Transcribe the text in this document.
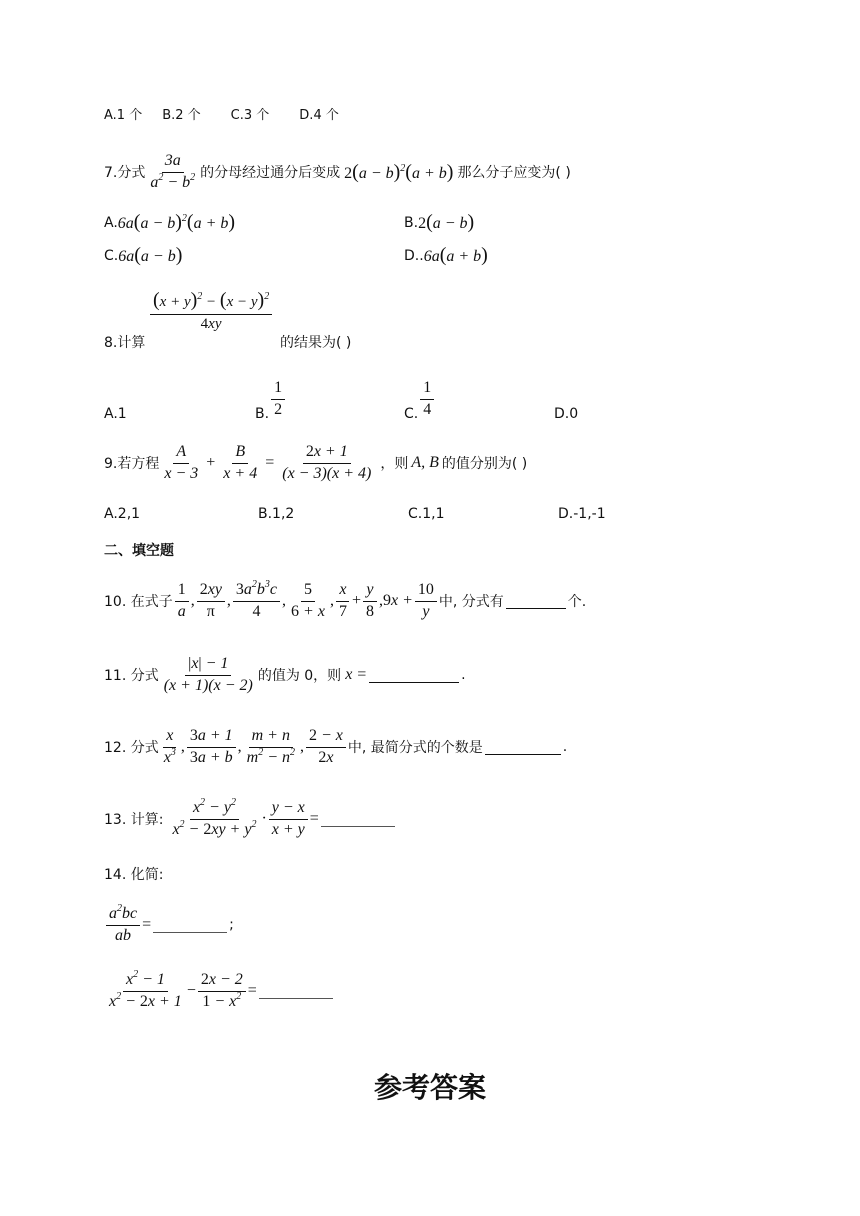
A.1 个 B.2 个 C.3 个 D.4 个
7.分式 $\frac{3a}{a^2 - b^2}$ 的分母经过通分后变成 $2(a - b)^2(a + b)$ 那么分子应变为( )
A. $6a(a - b)^2(a + b)$	B. 2(a − b)
C. 6a(a − b)	D.. 6a(a + b)
$\frac{(x + y)^2 - (x - y)^2}{4xy}$
8.计算	的结果为( )
A.1	B. $\frac{1}{2}$	C. $\frac{1}{4}$	D.0
9.若方程 $\frac{A}{x - 3} + \frac{B}{x + 4} = \frac{2x + 1}{(x - 3)(x + 4)}$ ，则 A, B 的值分别为( )
A.2,1	B.1,2	C.1,1	D.-1,-1
二、填空题
10. 在式子 $\frac{1}{a}$ , $\frac{2xy}{\pi}$ , $\frac{3a^2b^3c}{4}$ , $\frac{5}{6 + x}$ , $\frac{x}{7} + \frac{y}{8}$ , $9x + \frac{10}{y}$ 中, 分式有	个.
11. 分式 $\frac{|x| - 1}{(x + 1)(x - 2)}$ 的值为 0，则 x =	.
12. 分式 $\frac{x}{x^3}$ , $\frac{3a + 1}{3a + b}$ , $\frac{m + n}{m^2 - n^2}$ , $\frac{2 - x}{2x}$ 中, 最简分式的个数是	.
13. 计算: $\frac{x^2 - y^2}{x^2 - 2xy + y^2} \cdot \frac{y - x}{x + y}$ =
14. 化简:
$\frac{a^2bc}{ab}$ =	;
$\frac{x^2 - 1}{x^2 - 2x + 1} - \frac{2x - 2}{1 - x^2}$ =
参考答案
